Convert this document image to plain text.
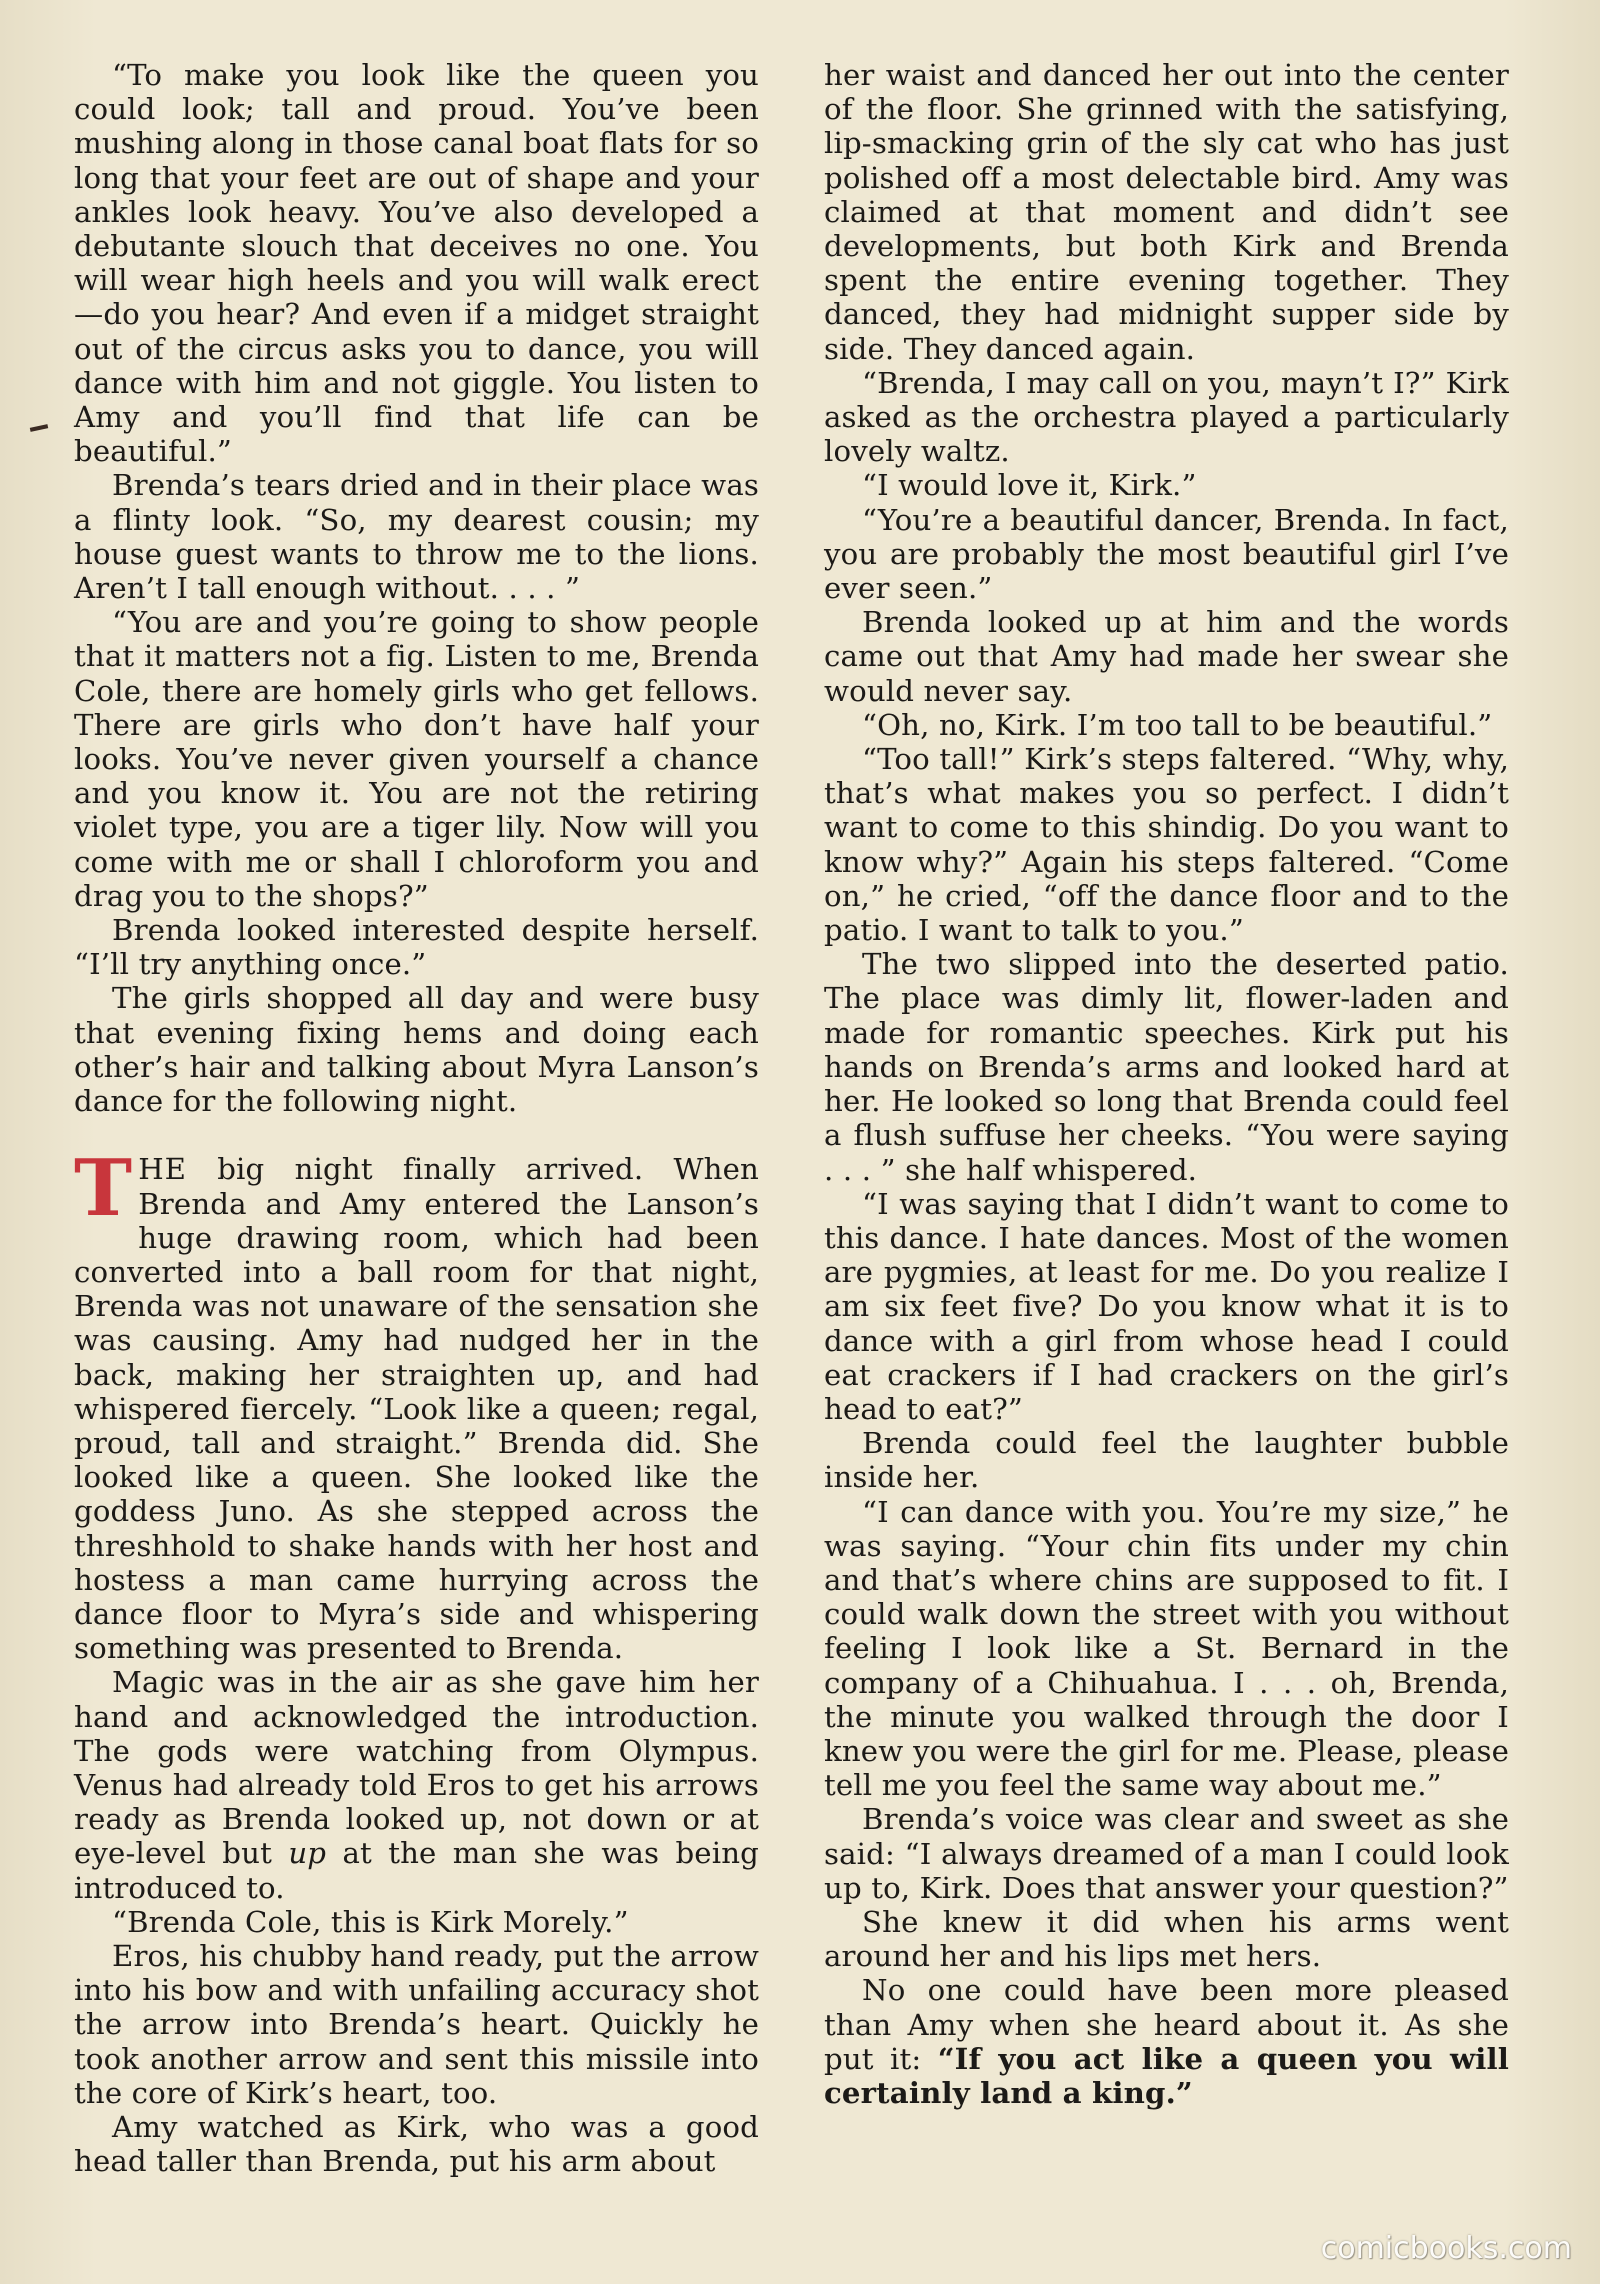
“To make you look like the queen you could look; tall and proud. You’ve been mushing along in those canal boat flats for so long that your feet are out of shape and your ankles look heavy. You’ve also developed a debutante slouch that deceives no one. You will wear high heels and you will walk erect—do you hear? And even if a midget straight out of the circus asks you to dance, you will dance with him and not giggle. You listen to Amy and you’ll find that life can be beautiful.”

Brenda’s tears dried and in their place was a flinty look. “So, my dearest cousin; my house guest wants to throw me to the lions. Aren’t I tall enough without. . . . ”

“You are and you’re going to show people that it matters not a fig. Listen to me, Brenda Cole, there are homely girls who get fellows. There are girls who don’t have half your looks. You’ve never given yourself a chance and you know it. You are not the retiring violet type, you are a tiger lily. Now will you come with me or shall I chloroform you and drag you to the shops?”

Brenda looked interested despite herself. “I’ll try anything once.”

The girls shopped all day and were busy that evening fixing hems and doing each other’s hair and talking about Myra Lanson’s dance for the following night.

THE big night finally arrived. When Brenda and Amy entered the Lanson’s huge drawing room, which had been converted into a ball room for that night, Brenda was not unaware of the sensation she was causing. Amy had nudged her in the back, making her straighten up, and had whispered fiercely. “Look like a queen; regal, proud, tall and straight.” Brenda did. She looked like a queen. She looked like the goddess Juno. As she stepped across the threshhold to shake hands with her host and hostess a man came hurrying across the dance floor to Myra’s side and whispering something was presented to Brenda.

Magic was in the air as she gave him her hand and acknowledged the introduction. The gods were watching from Olympus. Venus had already told Eros to get his arrows ready as Brenda looked up, not down or at eye-level but up at the man she was being introduced to.

“Brenda Cole, this is Kirk Morely.”

Eros, his chubby hand ready, put the arrow into his bow and with unfailing accuracy shot the arrow into Brenda’s heart. Quickly he took another arrow and sent this missile into the core of Kirk’s heart, too.

Amy watched as Kirk, who was a good head taller than Brenda, put his arm about

her waist and danced her out into the center of the floor. She grinned with the satisfying, lip-smacking grin of the sly cat who has just polished off a most delectable bird. Amy was claimed at that moment and didn’t see developments, but both Kirk and Brenda spent the entire evening together. They danced, they had midnight supper side by side. They danced again.

“Brenda, I may call on you, mayn’t I?” Kirk asked as the orchestra played a particularly lovely waltz.

“I would love it, Kirk.”

“You’re a beautiful dancer, Brenda. In fact, you are probably the most beautiful girl I’ve ever seen.”

Brenda looked up at him and the words came out that Amy had made her swear she would never say.

“Oh, no, Kirk. I’m too tall to be beautiful.”

“Too tall!” Kirk’s steps faltered. “Why, why, that’s what makes you so perfect. I didn’t want to come to this shindig. Do you want to know why?” Again his steps faltered. “Come on,” he cried, “off the dance floor and to the patio. I want to talk to you.”

The two slipped into the deserted patio. The place was dimly lit, flower-laden and made for romantic speeches. Kirk put his hands on Brenda’s arms and looked hard at her. He looked so long that Brenda could feel a flush suffuse her cheeks. “You were saying . . . ” she half whispered.

“I was saying that I didn’t want to come to this dance. I hate dances. Most of the women are pygmies, at least for me. Do you realize I am six feet five? Do you know what it is to dance with a girl from whose head I could eat crackers if I had crackers on the girl’s head to eat?”

Brenda could feel the laughter bubble inside her.

“I can dance with you. You’re my size,” he was saying. “Your chin fits under my chin and that’s where chins are supposed to fit. I could walk down the street with you without feeling I look like a St. Bernard in the company of a Chihuahua. I . . . oh, Brenda, the minute you walked through the door I knew you were the girl for me. Please, please tell me you feel the same way about me.”

Brenda’s voice was clear and sweet as she said: “I always dreamed of a man I could look up to, Kirk. Does that answer your question?”

She knew it did when his arms went around her and his lips met hers.

No one could have been more pleased than Amy when she heard about it. As she put it: “If you act like a queen you will certainly land a king.”

comicbooks.com
